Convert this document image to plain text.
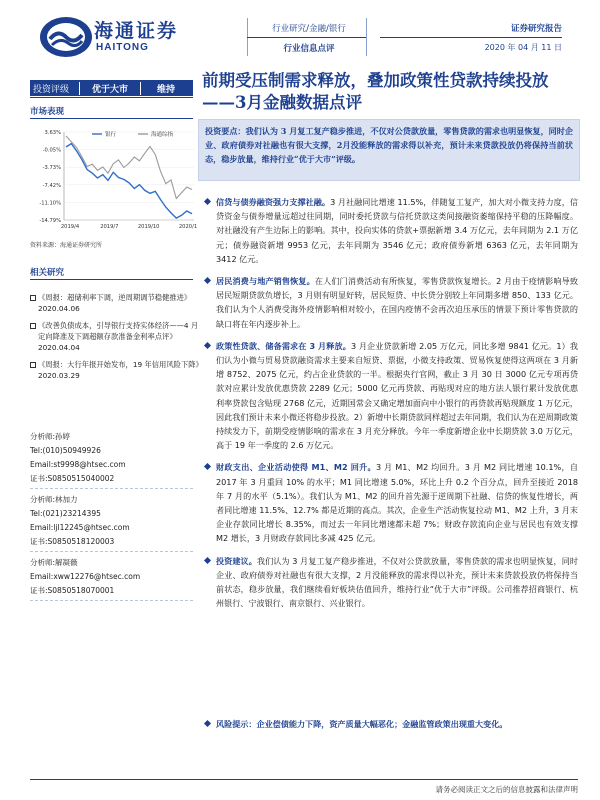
海通证券
HAITONG
行业研究/金融/银行
行业信息点评
证券研究报告
2020 年 04 月 11 日
投资评级	优于大市	维持	前期受压制需求释放，叠加政策性贷款持续投放——3月金融数据点评
市场表现
3.63%
-0.05%
-3.73%
-7.42%
-11.10%
-14.79%
2019/4	2019/7	2019/10	2020/1
银行	海通综指
资料来源：海通证券研究所

投资要点：我们认为 3 月复工复产稳步推进，不仅对公贷款放量，零售贷款的需求也明显恢复，同时企业、政府债券对社融也有很大支撑，2月没能释放的需求得以补充，预计未来贷款投放仍将保持当前状态，稳步放量，维持行业“优于大市”评级。

相关研究
《周报：超储利率下调，逆周期调节稳健推进》2020.04.06
《改善负债成本，引导银行支持实体经济——4 月定向降准及下调超额存款准备金利率点评》2020.04.04
《周报：大行年报开始发布，19 年信用风险下降》2020.03.29
分析师:孙婷
Tel:(010)50949926
Email:st9998@htsec.com
证书:S0850515040002
分析师:林加力
Tel:(021)23214395
Email:ljl12245@htsec.com
证书:S0850518120003
分析师:解凝薇
Email:xww12276@htsec.com
证书:S0850518070001
信贷与债券融资强力支撑社融。3 月社融同比增速 11.5%，伴随复工复产，加大对小微支持力度，信贷资金与债券增量远超过往同期，同时委托贷款与信托贷款这类间接融资萎缩保持平稳的压降幅度。对社融没有产生边际上的影响。其中，投向实体的贷款+票据新增 3.4 万亿元，去年同期为 2.1 万亿元；债券融资新增 9953 亿元，去年同期为 3546 亿元；政府债券新增 6363 亿元，去年同期为 3412 亿元。
居民消费与地产销售恢复。在人们门消费活动有所恢复，零售贷款恢复增长。2 月由于疫情影响导致居民短期贷款负增长，3 月则有明显好转，居民短贷、中长贷分别较上年同期多增 850、133 亿元。我们认为个人消费受海外疫情影响相对较小，在国内疫情不会再次迫压承压的情景下预计零售贷款的缺口将在年内逐步补上。
政策性贷款、储备需求在 3 月释放。3 月企业贷款新增 2.05 万亿元，同比多增 9841 亿元。1）我们认为小微与贸易贷款融资需求主要来自短贷、票据，小微支持政策、贸易恢复使得这两项在 3 月新增 8752、2075 亿元，约占企业贷款的一半。根据央行官网，截止 3 月 30 日 3000 亿元专项再贷款对应累计发放优惠贷款 2289 亿元；5000 亿元再贷款、再贴现对应的地方法人银行累计发放优惠利率贷款包含贴现 2768 亿元，近期国常会又确定增加面向中小银行的再贷款再贴现额度 1 万亿元，因此我们预计未来小微还将稳步投放。2）新增中长期贷款同样超过去年同期，我们认为在逆周期政策持续发力下，前期受疫情影响的需求在 3 月充分释放。今年一季度新增企业中长期贷款 3.0 万亿元，高于 19 年一季度的 2.6 万亿元。
财政支出、企业活动使得 M1、M2 回升。3 月 M1、M2 均回升。3 月 M2 同比增速 10.1%，自 2017 年 3 月重回 10% 的水平；M1 同比增速 5.0%，环比上升 0.2 个百分点，回升至接近 2018 年 7 月的水平（5.1%）。我们认为 M1、M2 的回升首先源于逆周期下社融、信贷的恢复性增长，两者同比增速 11.5%、12.7% 都是近期的高点。其次，企业生产活动恢复拉动 M1、M2 上升，3 月末企业存款同比增长 8.35%，而过去一年同比增速都未超 7%；财政存款流向企业与居民也有效支撑 M2 增长，3 月财政存款同比多减 425 亿元。
投资建议。我们认为 3 月复工复产稳步推进，不仅对公贷款放量，零售贷款的需求也明显恢复，同时企业、政府债券对社融也有很大支撑，2 月没能释放的需求得以补充，预计未来贷款投放仍将保持当前状态，稳步放量，我们继续看好板块估值回升，维持行业“优于大市”评级。公司推荐招商银行、杭州银行、宁波银行、南京银行、兴业银行。
风险提示：企业偿债能力下降，资产质量大幅恶化；金融监管政策出现重大变化。
请务必阅读正文之后的信息披露和法律声明
